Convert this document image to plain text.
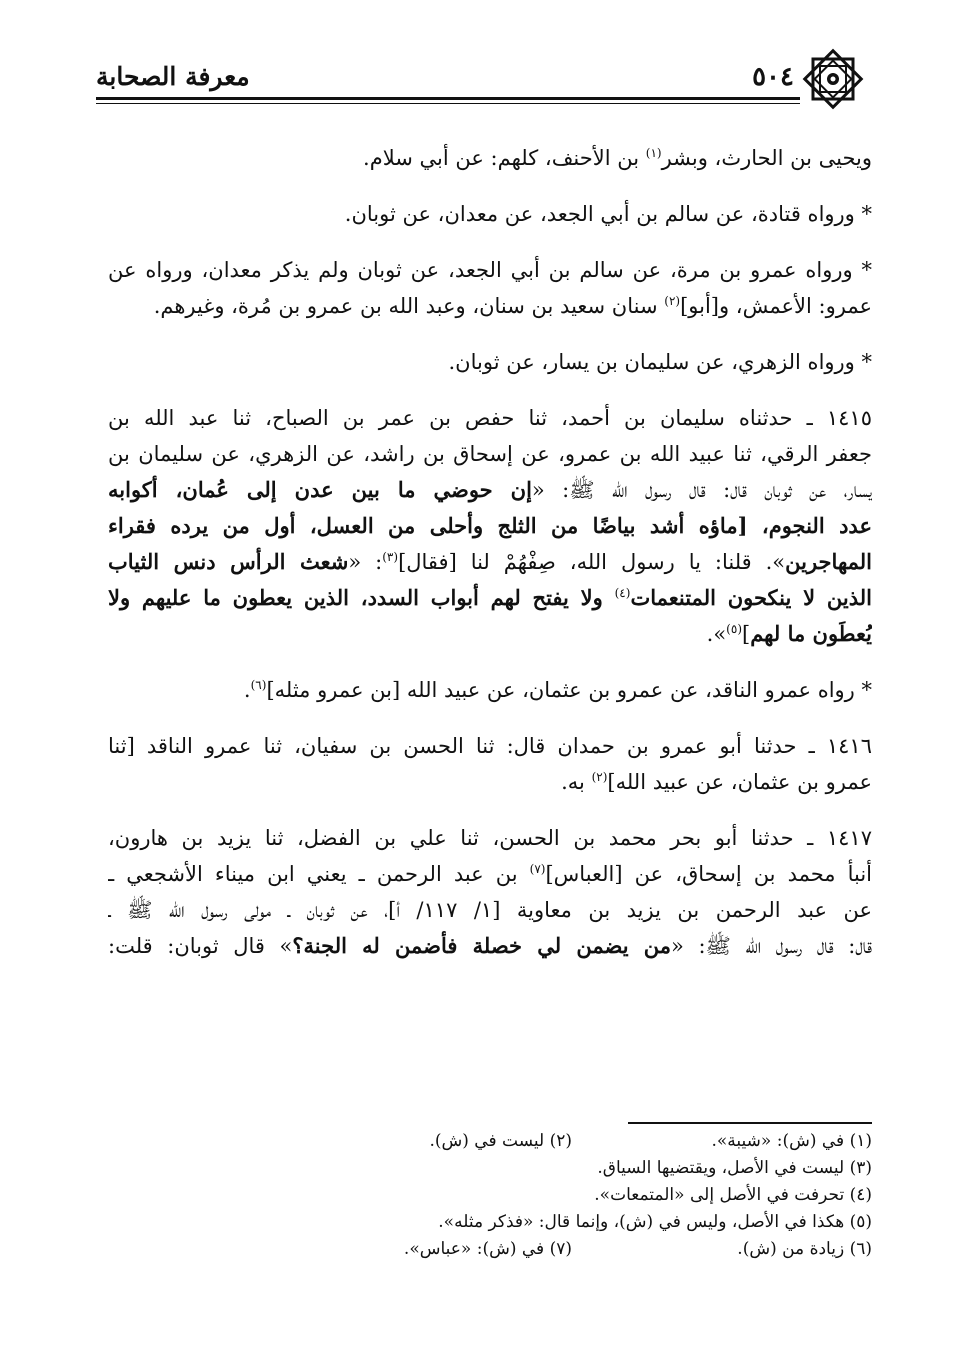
معرفة الصحابة	٥٠٤
ويحيى بن الحارث، وبشر$^{(١)}$ بن الأحنف، كلهم: عن أبي سلام.
* ورواه قتادة، عن سالم بن أبي الجعد، عن معدان، عن ثوبان.
* ورواه عمرو بن مرة، عن سالم بن أبي الجعد، عن ثوبان ولم يذكر معدان، ورواه عن
عمرو: الأعمش، و[أبو]$^{(٢)}$ سنان سعيد بن سنان، وعبد الله بن عمرو بن مُرة، وغيرهم.
* ورواه الزهري، عن سليمان بن يسار، عن ثوبان.
١٤١٥ ـ حدثناه سليمان بن أحمد، ثنا حفص بن عمر بن الصباح، ثنا عبد الله بن
جعفر الرقي، ثنا عبيد الله بن عمرو، عن إسحاق بن راشد، عن الزهري، عن سليمان بن
يسار، عن ثوبان قال: قال رسول الله ﷺ: «إن حوضي ما بين عدن إلى عُمان، أكوابه
عدد النجوم، [ماؤه أشد بياضًا من الثلج وأحلى من العسل، أول من يرده فقراء
المهاجرين». قلنا: يا رسول الله، صِفْهُمْ لنا [فقال]$^{(٣)}$: «شعث الرأس دنس الثياب
الذين لا ينكحون المتنعمات$^{(٤)}$ ولا يفتح لهم أبواب السدد، الذين يعطون ما عليهم ولا
يُعطَون ما لهم]$^{(٥)}$».
* رواه عمرو الناقد، عن عمرو بن عثمان، عن عبيد الله [بن عمرو مثله]$^{(٦)}$.
١٤١٦ ـ حدثنا أبو عمرو بن حمدان قال: ثنا الحسن بن سفيان، ثنا عمرو الناقد [ثنا
عمرو بن عثمان، عن عبيد الله]$^{(٢)}$ به.
١٤١٧ ـ حدثنا أبو بحر محمد بن الحسن، ثنا علي بن الفضل، ثنا يزيد بن هارون،
أنبأ محمد بن إسحاق، عن [العباس]$^{(٧)}$ بن عبد الرحمن ـ يعني ابن ميناء الأشجعي ـ
عن عبد الرحمن بن يزيد بن معاوية [١/ ١١٧/ أ]، عن ثوبان ـ مولى رسول الله ﷺ ـ
قال: قال رسول الله ﷺ: «من يضمن لي خصلة فأضمن له الجنة؟» قال ثوبان: قلت:
(١) في (ش): «شيبة».
(٢) ليست في (ش).
(٣) ليست في الأصل، ويقتضيها السياق.
(٤) تحرفت في الأصل إلى «المتمعات».
(٥) هكذا في الأصل، وليس في (ش)، وإنما قال: «فذكر مثله».
(٦) زيادة من (ش).
(٧) في (ش): «عباس».
